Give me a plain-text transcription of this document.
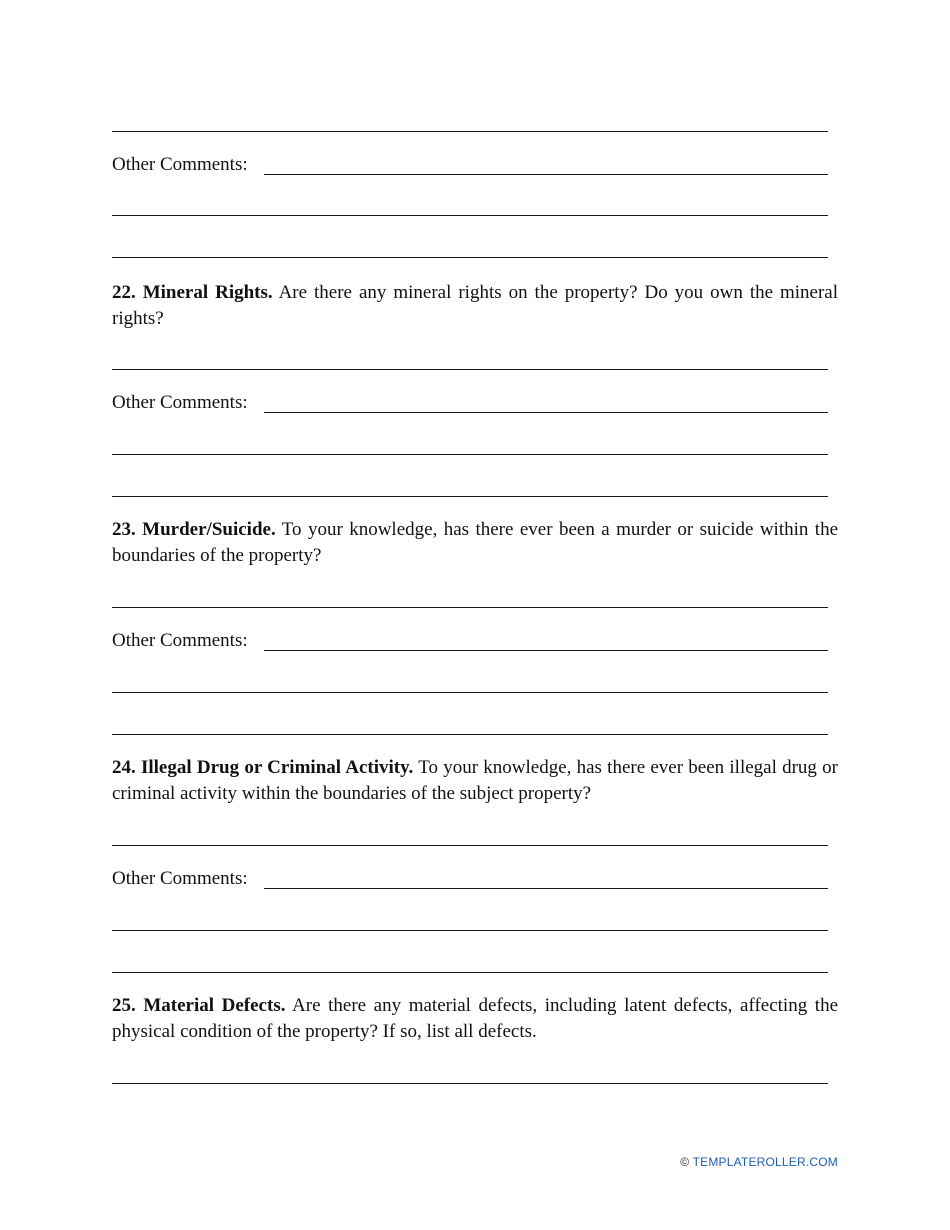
Other Comments:
22. Mineral Rights. Are there any mineral rights on the property? Do you own the mineral rights?
Other Comments:
23. Murder/Suicide. To your knowledge, has there ever been a murder or suicide within the boundaries of the property?
Other Comments:
24. Illegal Drug or Criminal Activity. To your knowledge, has there ever been illegal drug or criminal activity within the boundaries of the subject property?
Other Comments:
25. Material Defects. Are there any material defects, including latent defects, affecting the physical condition of the property? If so, list all defects.
© TEMPLATEROLLER.COM
